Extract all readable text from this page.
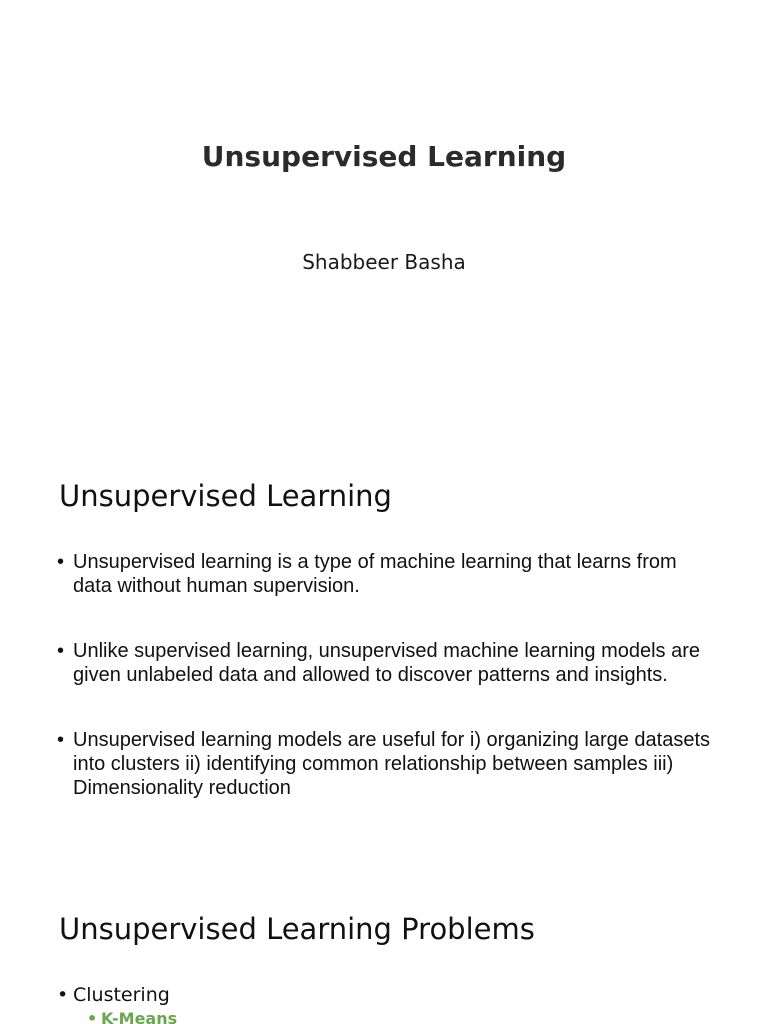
Unsupervised Learning
Shabbeer Basha
Unsupervised Learning
• Unsupervised learning is a type of machine learning that learns from data without human supervision.
• Unlike supervised learning, unsupervised machine learning models are given unlabeled data and allowed to discover patterns and insights.
• Unsupervised learning models are useful for i) organizing large datasets into clusters ii) identifying common relationship between samples iii) Dimensionality reduction
Unsupervised Learning Problems
• Clustering
• K-Means
